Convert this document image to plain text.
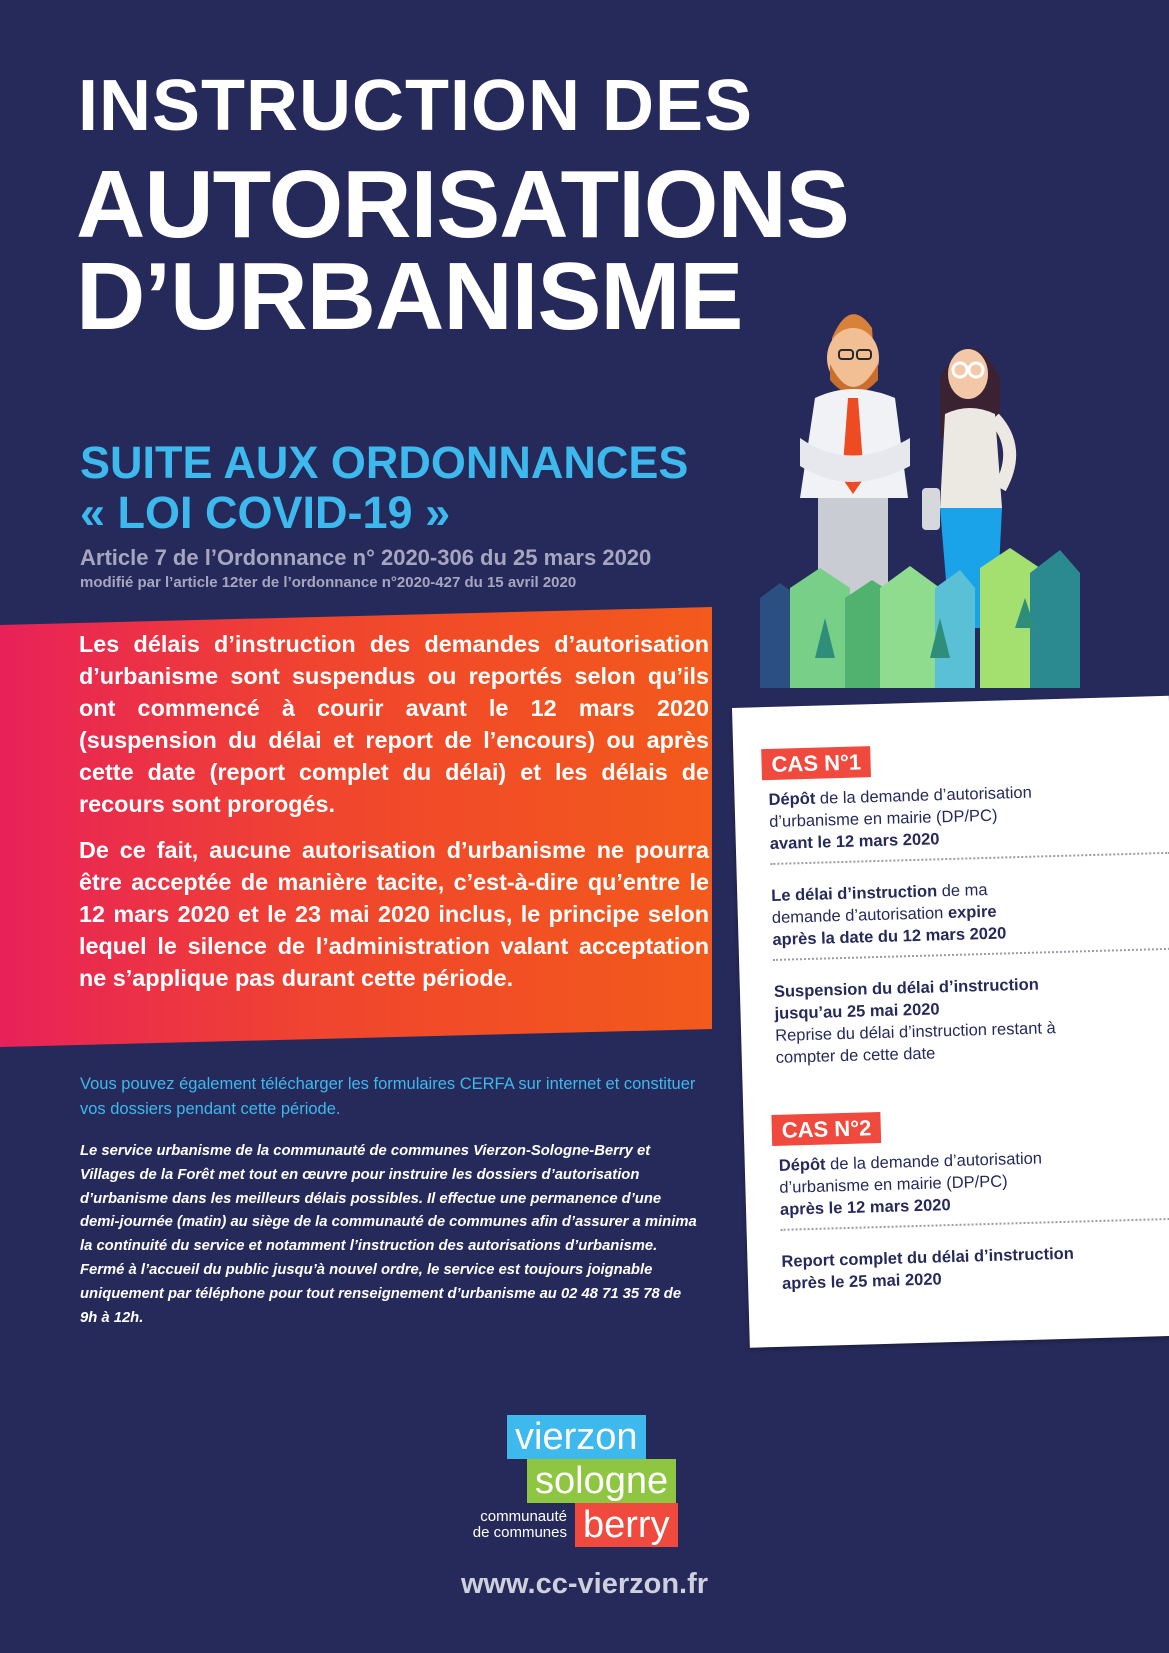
INSTRUCTION DES
AUTORISATIONS
D’URBANISME
SUITE AUX ORDONNANCES
« LOI COVID-19 »
Article 7 de l’Ordonnance n° 2020-306 du 25 mars 2020
modifié par l’article 12ter de l’ordonnance n°2020-427 du 15 avril 2020

Les délais d’instruction des demandes d’autorisation d’urbanisme sont suspendus ou reportés selon qu’ils ont commencé à courir avant le 12 mars 2020 (suspension du délai et report de l’encours) ou après cette date (report complet du délai) et les délais de recours sont prorogés.

De ce fait, aucune autorisation d’urbanisme ne pourra être acceptée de manière tacite, c’est-à-dire qu’entre le 12 mars 2020 et le 23 mai 2020 inclus, le principe selon lequel le silence de l’administration valant acceptation ne s’applique pas durant cette période.

Vous pouvez également télécharger les formulaires CERFA sur internet et constituer vos dossiers pendant cette période.

Le service urbanisme de la communauté de communes Vierzon-Sologne-Berry et Villages de la Forêt met tout en œuvre pour instruire les dossiers d’autorisation d’urbanisme dans les meilleurs délais possibles. Il effectue une permanence d’une demi-journée (matin) au siège de la communauté de communes afin d’assurer a minima la continuité du service et notamment l’instruction des autorisations d’urbanisme. Fermé à l’accueil du public jusqu’à nouvel ordre, le service est toujours joignable uniquement par téléphone pour tout renseignement d’urbanisme au 02 48 71 35 78 de 9h à 12h.

CAS N°1
Dépôt de la demande d’autorisation d’urbanisme en mairie (DP/PC)
avant le 12 mars 2020
Le délai d’instruction de ma demande d’autorisation expire
après la date du 12 mars 2020
Suspension du délai d’instruction jusqu’au 25 mai 2020
Reprise du délai d’instruction restant à compter de cette date
CAS N°2
Dépôt de la demande d’autorisation d’urbanisme en mairie (DP/PC)
après le 12 mars 2020
Report complet du délai d’instruction après le 25 mai 2020
vierzon
sologne
berry
communauté
de communes
www.cc-vierzon.fr
